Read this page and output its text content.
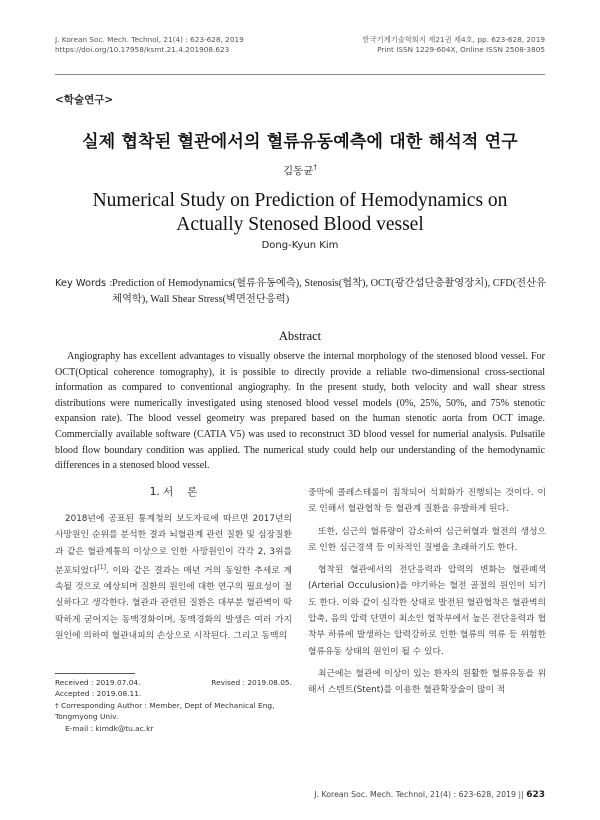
J. Korean Soc. Mech. Technol, 21(4) : 623-628, 2019
https://doi.org/10.17958/ksmt.21.4.201908.623
한국기계기술학회지 제21권 제4호, pp. 623-628, 2019
Print ISSN 1229-604X, Online ISSN 2508-3805
<학술연구>
실제 협착된 혈관에서의 혈류유동예측에 대한 해석적 연구
김동균†
Numerical Study on Prediction of Hemodynamics on
Actually Stenosed Blood vessel
Dong-Kyun Kim
Key Words : Prediction of Hemodynamics(혈류유동예측), Stenosis(협착), OCT(광간섭단층촬영장치), CFD(전산유체역학), Wall Shear Stress(벽면전단응력)
Abstract
Angiography has excellent advantages to visually observe the internal morphology of the stenosed blood vessel. For OCT(Optical coherence tomography), it is possible to directly provide a reliable two-dimensional cross-sectional information as compared to conventional angiography. In the present study, both velocity and wall shear stress distributions were numerically investigated using stenosed blood vessel models (0%, 25%, 50%, and 75% stenotic expansion rate). The blood vessel geometry was prepared based on the human stenotic aorta from OCT image. Commercially available software (CATIA V5) was used to reconstruct 3D blood vessel for numerial analysis. Pulsatile blood flow boundary condition was applied. The numerical study could help our understanding of the hemodynamic differences in a stenosed blood vessel.
1. 서　 론
2018년에 공표된 통계청의 보도자료에 따르면 2017년의 사망원인 순위를 분석한 결과 뇌혈관계 관련 질환 및 심장질환과 같은 혈관계통의 이상으로 인한 사망원인이 각각 2, 3위를 분포되었다[1]. 이와 같은 결과는 매년 거의 동일한 추세로 계속될 것으로 예상되며 질환의 원인에 대한 연구의 필요성이 절실하다고 생각한다. 혈관과 관련된 질환은 대부분 혈관벽이 딱딱하게 굳어지는 동맥경화이며, 동맥경화의 발생은 여러 가지 원인에 의하여 혈관내피의 손상으로 시작된다. 그리고 동맥의
중막에 콜레스테롤이 침착되어 석회화가 진행되는 것이다. 이로 인해서 혈관협착 등 혈관계 질환을 유발하게 된다.
또한, 심근의 혈류량이 감소하여 심근허혈과 혈전의 생성으로 인한 심근경색 등 이차적인 질병을 초래하기도 한다.
협착된 혈관에서의 전단응력과 압력의 변화는 혈관폐색(Arterial Occulusion)을 야기하는 혈전 골절의 원인이 되기도 한다. 이와 같이 심각한 상태로 발전된 혈관협착은 혈관벽의 압축, 음의 압력 단면이 최소인 협착부에서 높은 전단응력과 협착부 하류에 발생하는 압력강하로 인한 혈류의 역류 등 위험한 혈류유동 상태의 원인이 될 수 있다.
최근에는 혈관에 이상이 있는 환자의 원활한 혈류유동을 위해서 스텐트(Stent)를 이용한 혈관확장술이 많이 적
Received : 2019.07.04.	Revised : 2019.08.05.
Accepted : 2019.08.11.
† Corresponding Author : Member, Dept of Mechanical Eng, Tongmyong Univ.
E-mail : kimdk@tu.ac.kr
J. Korean Soc. Mech. Technol, 21(4) : 623-628, 2019 || 623
